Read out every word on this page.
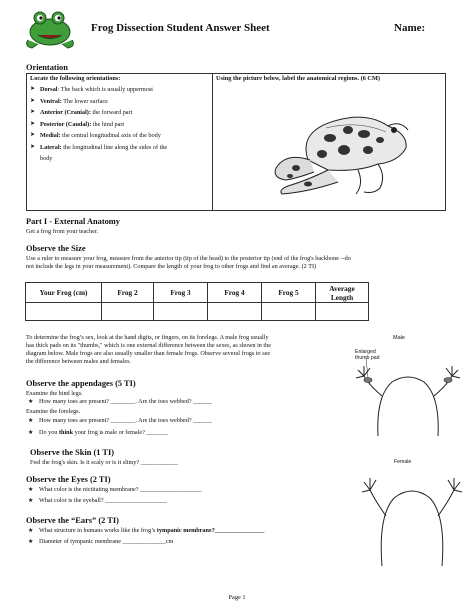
Frog Dissection Student Answer Sheet	Name:
Orientation
Locate the following orientations:	Using the picture below, label the anatomical regions. (6 CM)
➤ Dorsal: The back which is usually uppermost
➤ Ventral: The lower surface
➤ Anterior (Cranial): the forward part
➤ Posterior (Caudal): the hind part
➤ Medial: the central longitudinal axis of the body
➤ Lateral: the longitudinal line along the sides of the
body
Part I - External Anatomy
Get a frog from your teacher.
Observe the Size
Use a ruler to measure your frog, measure from the anterior tip (tip of the head) to the posterior tip (end of the frog's backbone --do
not include the legs in your measurement). Compare the length of your frog to other frogs and find an average. (2 TI)
Your Frog (cm)	Frog 2	Frog 3	Frog 4	Frog 5	Average
Length

To determine the frog’s sex, look at the hand digits, or fingers, on its forelegs. A male frog usually
has thick pads on its "thumbs," which is one external difference between the sexes, as shown in the
diagram below. Male frogs are also usually smaller than female frogs. Observe several frogs to see
the difference between males and females.
Male
Enlarged
thumb pad
Female
Observe the appendages (5 TI)
Examine the hind legs.
★ How many toes are present? ________. Are the toes webbed? ______
Examine the forelegs.
★ How many toes are present? ________. Are the toes webbed? ______
★ Do you think your frog is male or female? _______
Observe the Skin (1 TI)
Feel the frog's skin. Is it scaly or is it slimy? ____________
Observe the Eyes (2 TI)
★ What color is the nictitating membrane? ____________________
★ What color is the eyeball? ____________________
Observe the “Ears” (2 TI)
★ What structure in humans works like the frog’s tympanic membrane?________________
★ Diameter of tympanic membrane ______________cm
Page 1
